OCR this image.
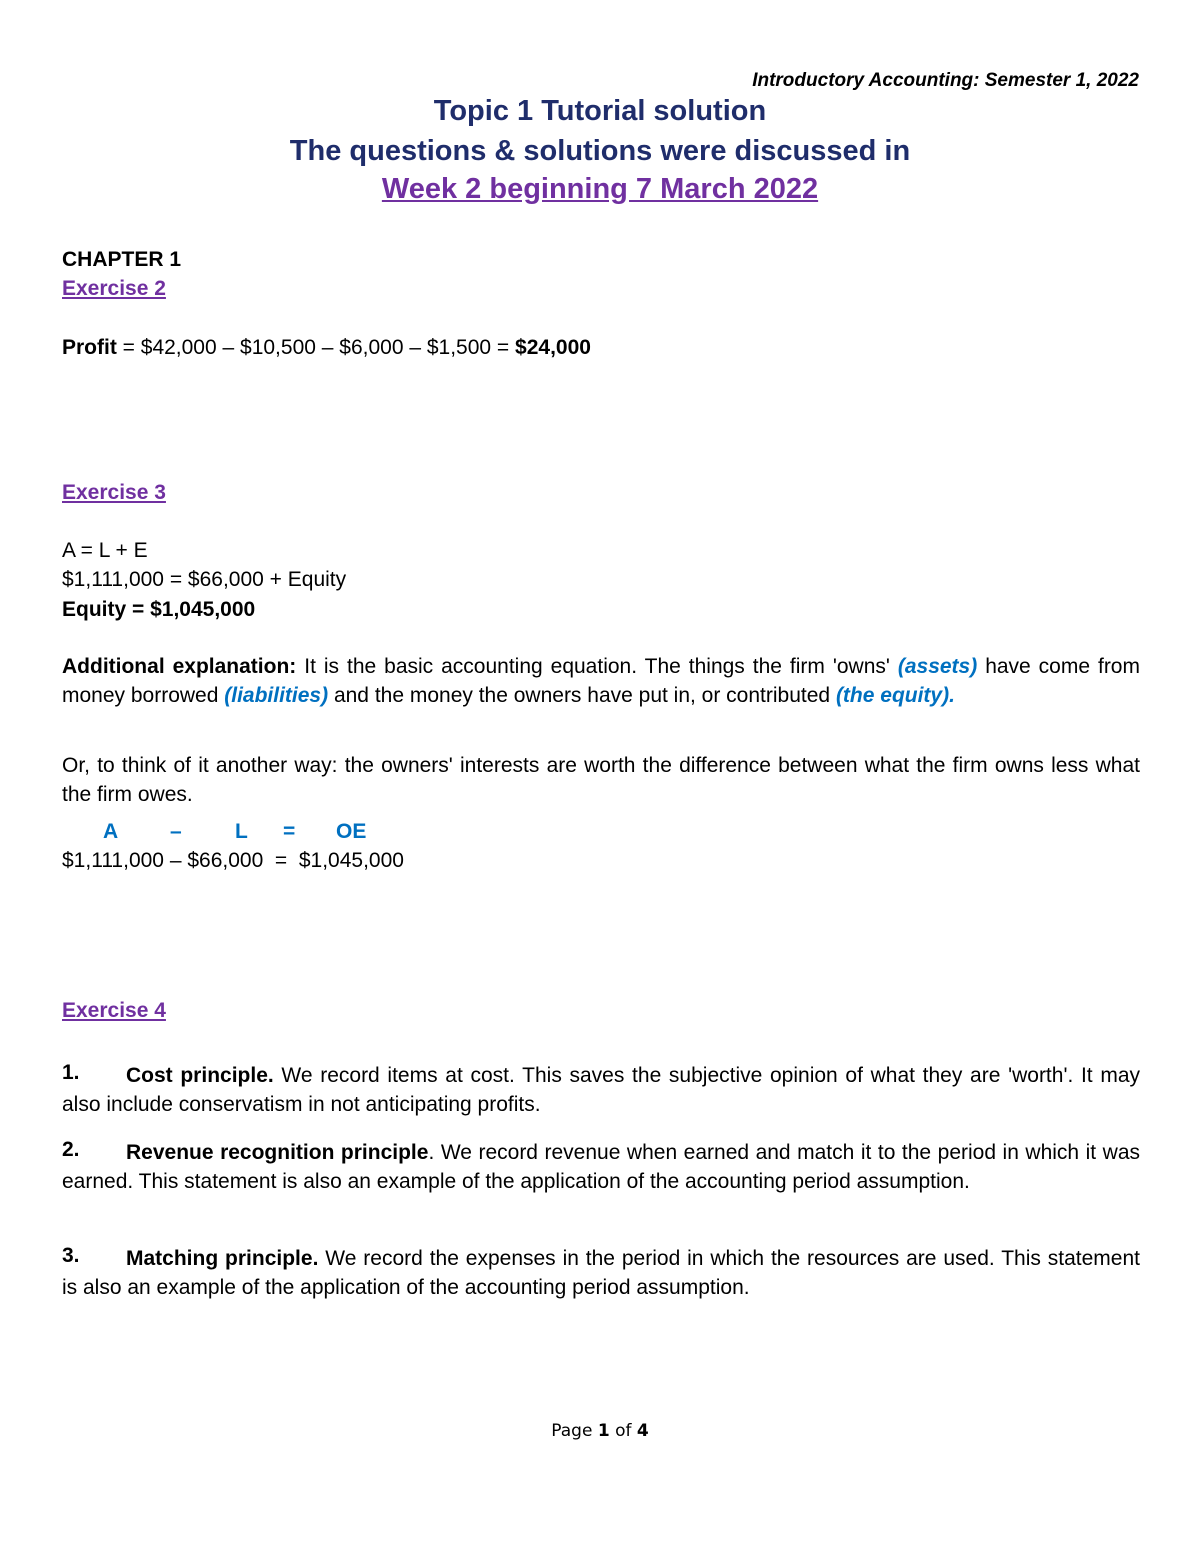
Introductory Accounting: Semester 1, 2022
Topic 1 Tutorial solution
The questions & solutions were discussed in
Week 2 beginning 7 March 2022
CHAPTER 1
Exercise 2
Profit = $42,000 – $10,500 – $6,000 – $1,500 = $24,000
Exercise 3
A = L + E
$1,111,000 = $66,000 + Equity
Equity = $1,045,000
Additional explanation: It is the basic accounting equation. The things the firm 'owns' (assets) have come from money borrowed (liabilities) and the money the owners have put in, or contributed (the equity).
Or, to think of it another way: the owners' interests are worth the difference between what the firm owns less what the firm owes.
A –	L = OE
$1,111,000 – $66,000  =  $1,045,000
Exercise 4
1.	Cost principle. We record items at cost. This saves the subjective opinion of what they are 'worth'. It may also include conservatism in not anticipating profits.
2.	Revenue recognition principle. We record revenue when earned and match it to the period in which it was earned. This statement is also an example of the application of the accounting period assumption.
3.	Matching principle. We record the expenses in the period in which the resources are used. This statement is also an example of the application of the accounting period assumption.
Page 1 of 4
